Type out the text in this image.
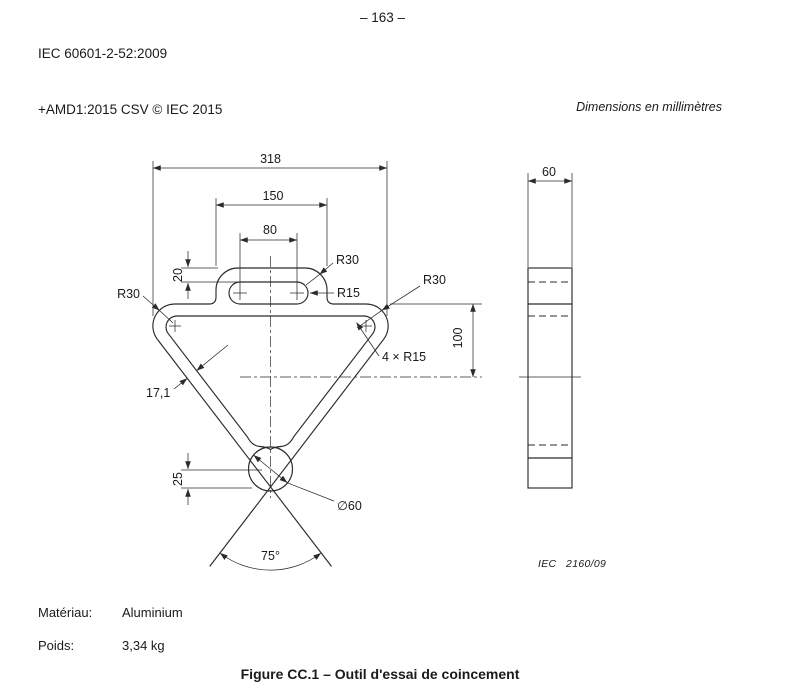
IEC 60601-2-52:2009

+AMD1:2015 CSV © IEC 2015

– 163 –
Dimensions en millimètres
318
150
80
20
R30
R30
R15
R30
100
4 × R15
17,1
25
∅60
75°
60
IEC   2160/09
Matériau: Aluminium
Poids:	3,34 kg
Figure CC.1 – Outil d'essai de coincement
